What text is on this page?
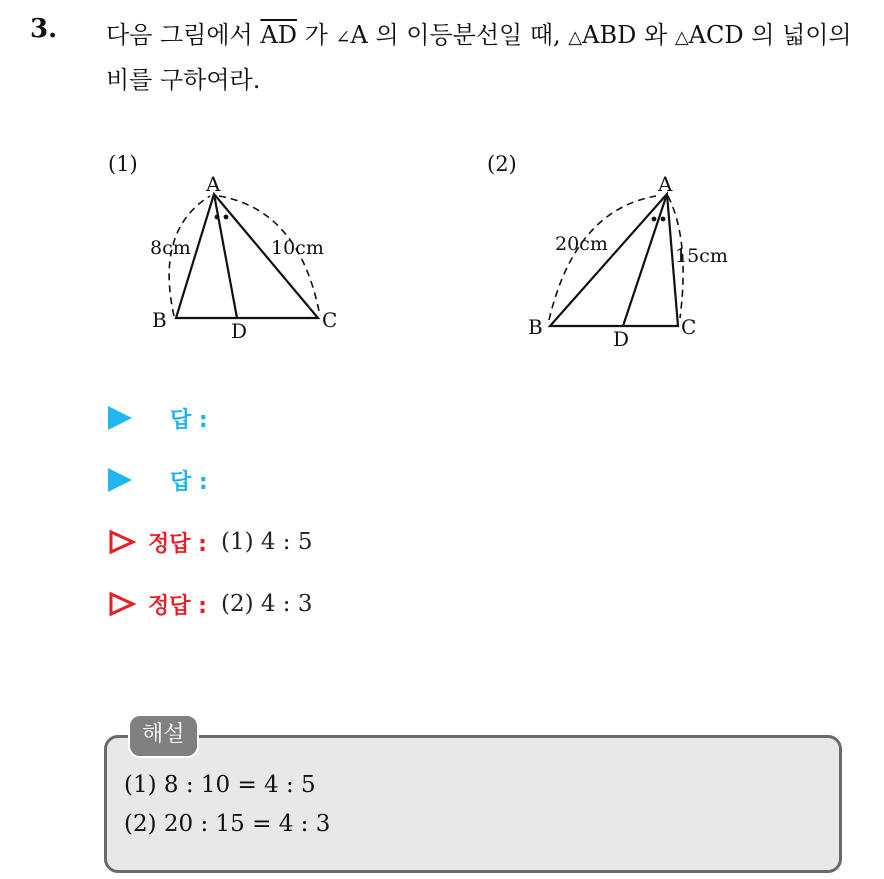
3. 다음 그림에서 $\overline{AD}$ 가 ∠A 의 이등분선일 때, △ABD 와 △ACD 의 넓이의 비를 구하여라.
(1)
A
B	C
D
8cm	10cm
(2)
A
B	C
D
20cm
15cm
답 :
답 :
정답 : (1) 4 : 5
정답 : (2) 4 : 3
해설
(1) 8 : 10 = 4 : 5
(2) 20 : 15 = 4 : 3
